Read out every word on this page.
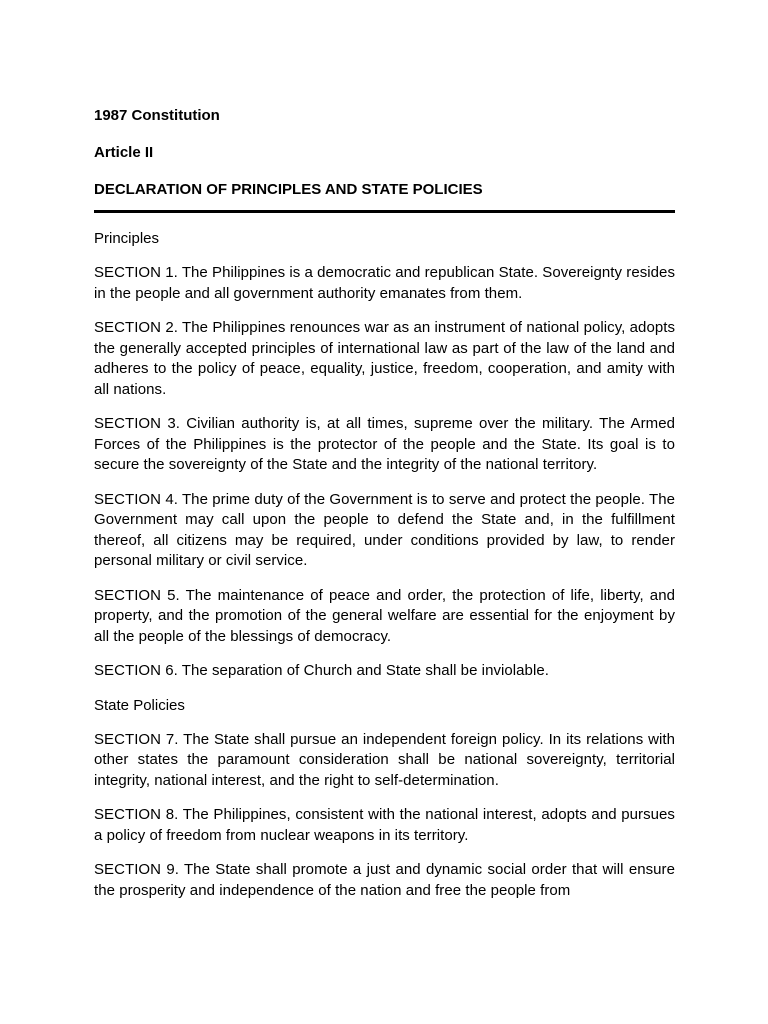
1987 Constitution

Article II

DECLARATION OF PRINCIPLES AND STATE POLICIES

Principles

SECTION 1. The Philippines is a democratic and republican State. Sovereignty resides in the people and all government authority emanates from them.

SECTION 2. The Philippines renounces war as an instrument of national policy, adopts the generally accepted principles of international law as part of the law of the land and adheres to the policy of peace, equality, justice, freedom, cooperation, and amity with all nations.

SECTION 3. Civilian authority is, at all times, supreme over the military. The Armed Forces of the Philippines is the protector of the people and the State. Its goal is to secure the sovereignty of the State and the integrity of the national territory.

SECTION 4. The prime duty of the Government is to serve and protect the people. The Government may call upon the people to defend the State and, in the fulfillment thereof, all citizens may be required, under conditions provided by law, to render personal military or civil service.

SECTION 5. The maintenance of peace and order, the protection of life, liberty, and property, and the promotion of the general welfare are essential for the enjoyment by all the people of the blessings of democracy.

SECTION 6. The separation of Church and State shall be inviolable.

State Policies

SECTION 7. The State shall pursue an independent foreign policy. In its relations with other states the paramount consideration shall be national sovereignty, territorial integrity, national interest, and the right to self-determination.

SECTION 8. The Philippines, consistent with the national interest, adopts and pursues a policy of freedom from nuclear weapons in its territory.

SECTION 9. The State shall promote a just and dynamic social order that will ensure the prosperity and independence of the nation and free the people from
